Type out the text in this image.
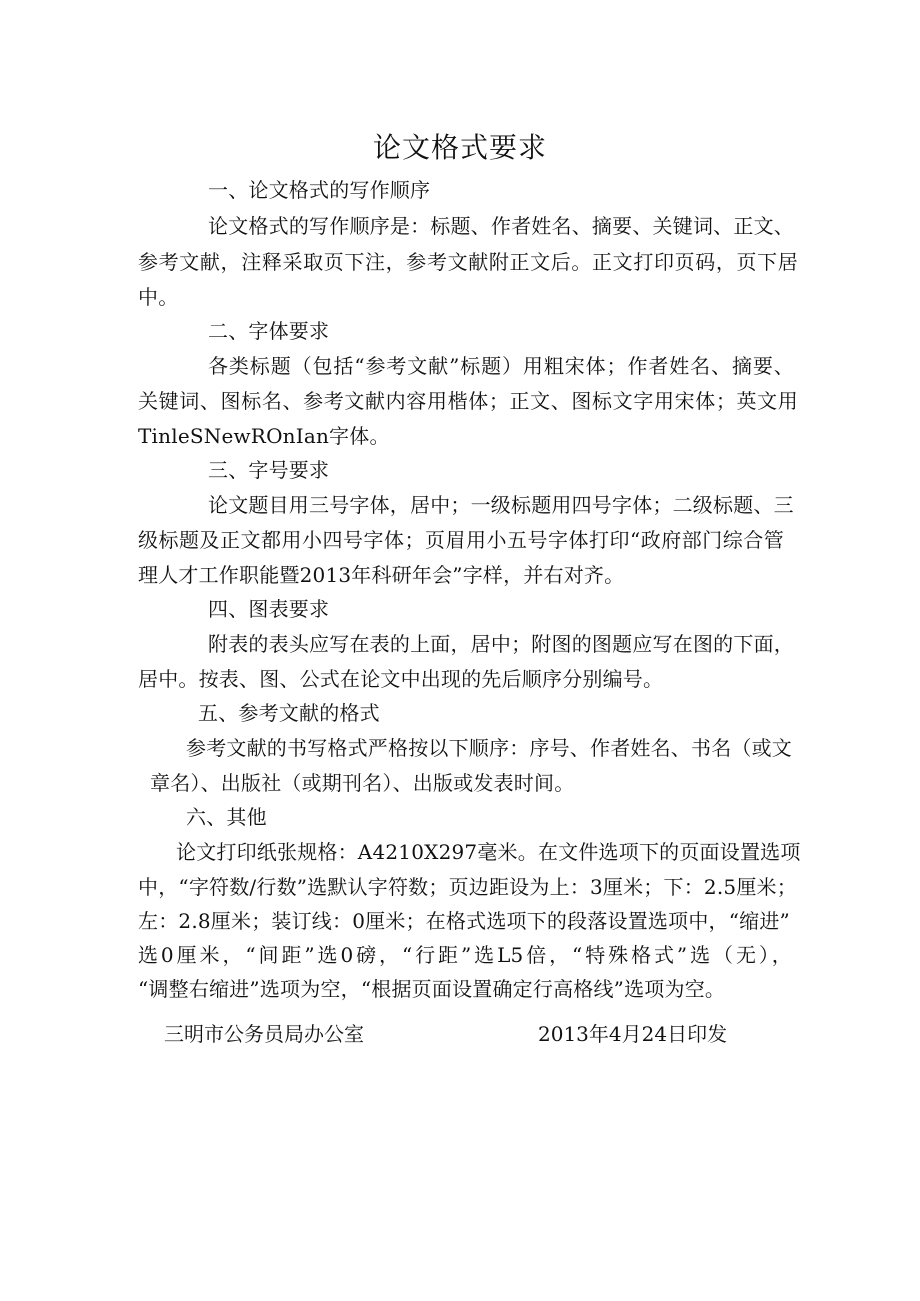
论文格式要求
一、论文格式的写作顺序
论文格式的写作顺序是：标题、作者姓名、摘要、关键词、正文、
参考文献，注释采取页下注，参考文献附正文后。正文打印页码，页下居
中。
二、字体要求
各类标题（包括“参考文献”标题）用粗宋体；作者姓名、摘要、
关键词、图标名、参考文献内容用楷体；正文、图标文字用宋体；英文用
TinleSNewROnIan字体。
三、字号要求
论文题目用三号字体，居中；一级标题用四号字体；二级标题、三
级标题及正文都用小四号字体；页眉用小五号字体打印“政府部门综合管
理人才工作职能暨2013年科研年会”字样，并右对齐。
四、图表要求
附表的表头应写在表的上面，居中；附图的图题应写在图的下面，
居中。按表、图、公式在论文中出现的先后顺序分别编号。
五、参考文献的格式
参考文献的书写格式严格按以下顺序：序号、作者姓名、书名（或文
章名）、出版社（或期刊名）、出版或发表时间。
六、其他
论文打印纸张规格：A4210X297毫米。在文件选项下的页面设置选项
中，“字符数/行数”选默认字符数；页边距设为上：3厘米；下：2.5厘米；
左：2.8厘米；装订线：0厘米；在格式选项下的段落设置选项中，“缩进”
选0厘米，“间距”选0磅，“行距”选L5倍，“特殊格式”选（无），
“调整右缩进”选项为空，“根据页面设置确定行高格线”选项为空。
三明市公务员局办公室	2013年4月24日印发
